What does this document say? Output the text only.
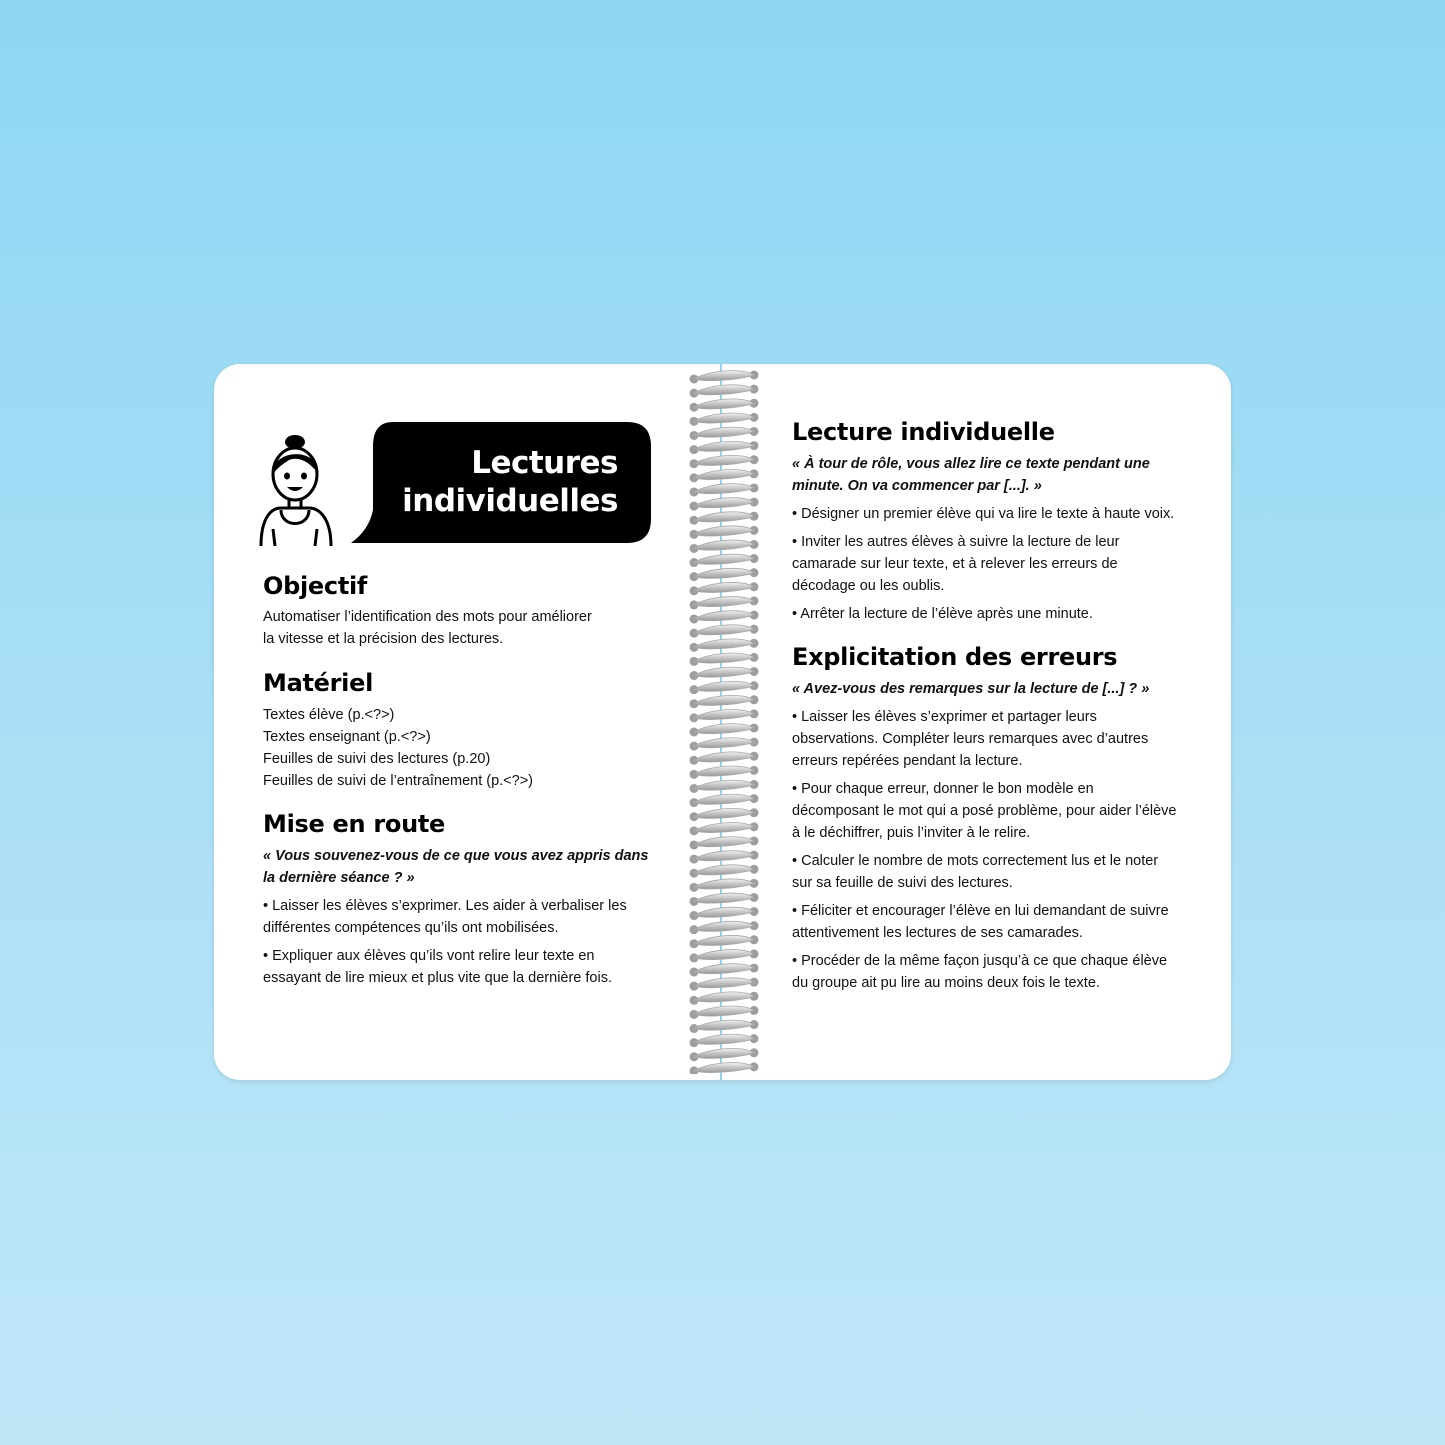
Lectures
individuelles
Objectif

Automatiser l’identification des mots pour améliorer
la vitesse et la précision des lectures.

Matériel

Textes élève (p.<?>)
Textes enseignant (p.<?>)
Feuilles de suivi des lectures (p.20)
Feuilles de suivi de l’entraînement (p.<?>)

Mise en route

« Vous souvenez-vous de ce que vous avez appris dans
la dernière séance ? »

• Laisser les élèves s’exprimer. Les aider à verbaliser les
différentes compétences qu’ils ont mobilisées.

• Expliquer aux élèves qu’ils vont relire leur texte en
essayant de lire mieux et plus vite que la dernière fois.

Lecture individuelle

« À tour de rôle, vous allez lire ce texte pendant une
minute. On va commencer par [...]. »

• Désigner un premier élève qui va lire le texte à haute voix.

• Inviter les autres élèves à suivre la lecture de leur
camarade sur leur texte, et à relever les erreurs de
décodage ou les oublis.

• Arrêter la lecture de l’élève après une minute.

Explicitation des erreurs

« Avez-vous des remarques sur la lecture de [...] ? »

• Laisser les élèves s’exprimer et partager leurs
observations. Compléter leurs remarques avec d’autres
erreurs repérées pendant la lecture.

• Pour chaque erreur, donner le bon modèle en
décomposant le mot qui a posé problème, pour aider l’élève
à le déchiffrer, puis l’inviter à le relire.

• Calculer le nombre de mots correctement lus et le noter
sur sa feuille de suivi des lectures.

• Féliciter et encourager l’élève en lui demandant de suivre
attentivement les lectures de ses camarades.

• Procéder de la même façon jusqu’à ce que chaque élève
du groupe ait pu lire au moins deux fois le texte.
